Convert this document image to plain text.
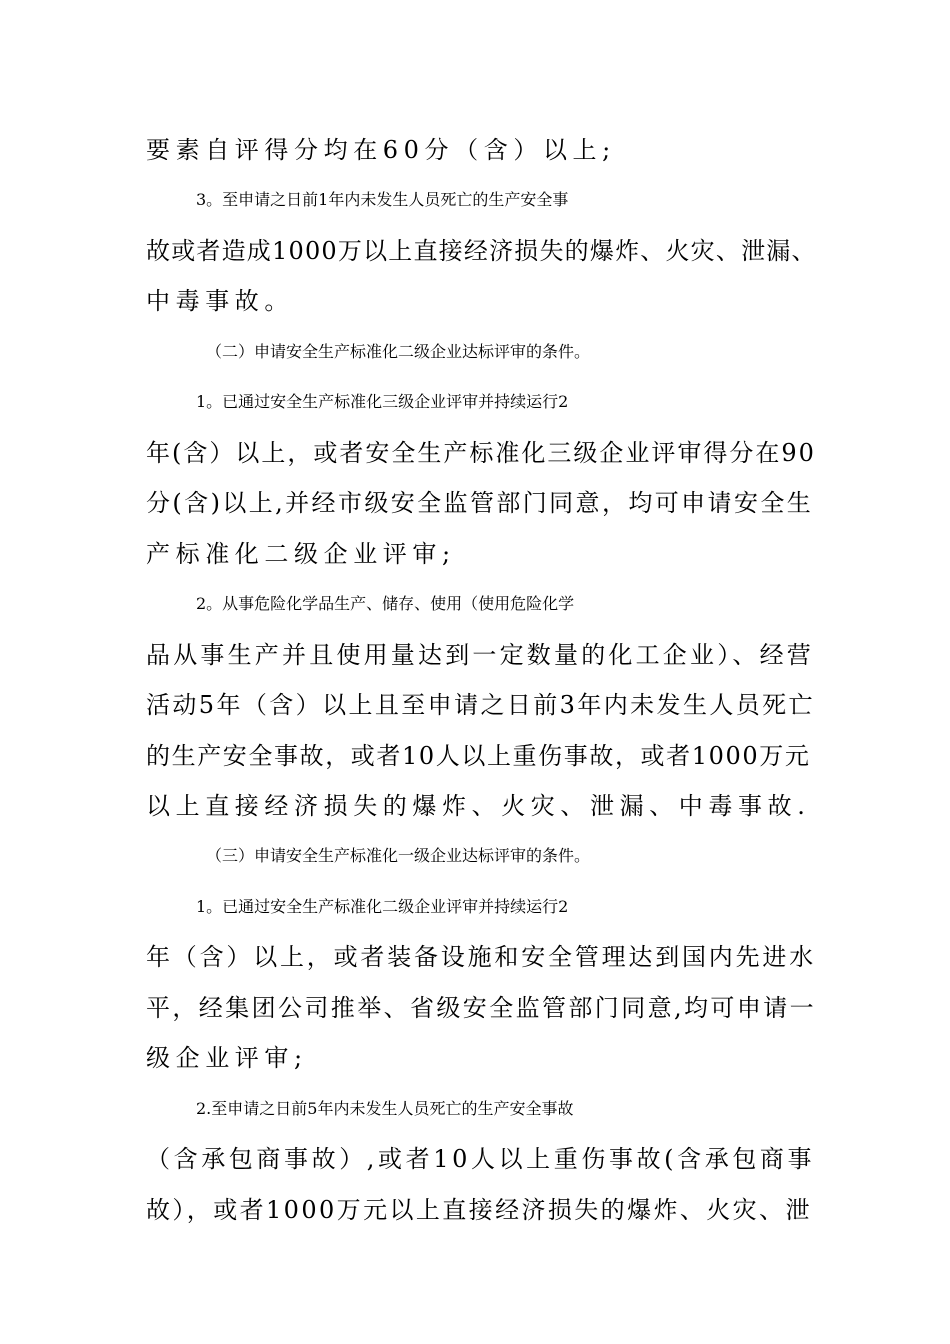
要素自评得分均在60分（含）以上;
3。至申请之日前1年内未发生人员死亡的生产安全事
故或者造成1000万以上直接经济损失的爆炸、火灾、泄漏、
中毒事故。
（二）申请安全生产标准化二级企业达标评审的条件。
1。已通过安全生产标准化三级企业评审并持续运行2
年(含）以上，或者安全生产标准化三级企业评审得分在90
分(含)以上,并经市级安全监管部门同意，均可申请安全生
产标准化二级企业评审;
2。从事危险化学品生产、储存、使用（使用危险化学
品从事生产并且使用量达到一定数量的化工企业）、经营
活动5年（含）以上且至申请之日前3年内未发生人员死亡
的生产安全事故，或者10人以上重伤事故，或者1000万元
以上直接经济损失的爆炸、火灾、泄漏、中毒事故.
（三）申请安全生产标准化一级企业达标评审的条件。
1。已通过安全生产标准化二级企业评审并持续运行2
年（含）以上，或者装备设施和安全管理达到国内先进水
平，经集团公司推举、省级安全监管部门同意,均可申请一
级企业评审;
2.至申请之日前5年内未发生人员死亡的生产安全事故
（含承包商事故）,或者10人以上重伤事故(含承包商事
故），或者1000万元以上直接经济损失的爆炸、火灾、泄
